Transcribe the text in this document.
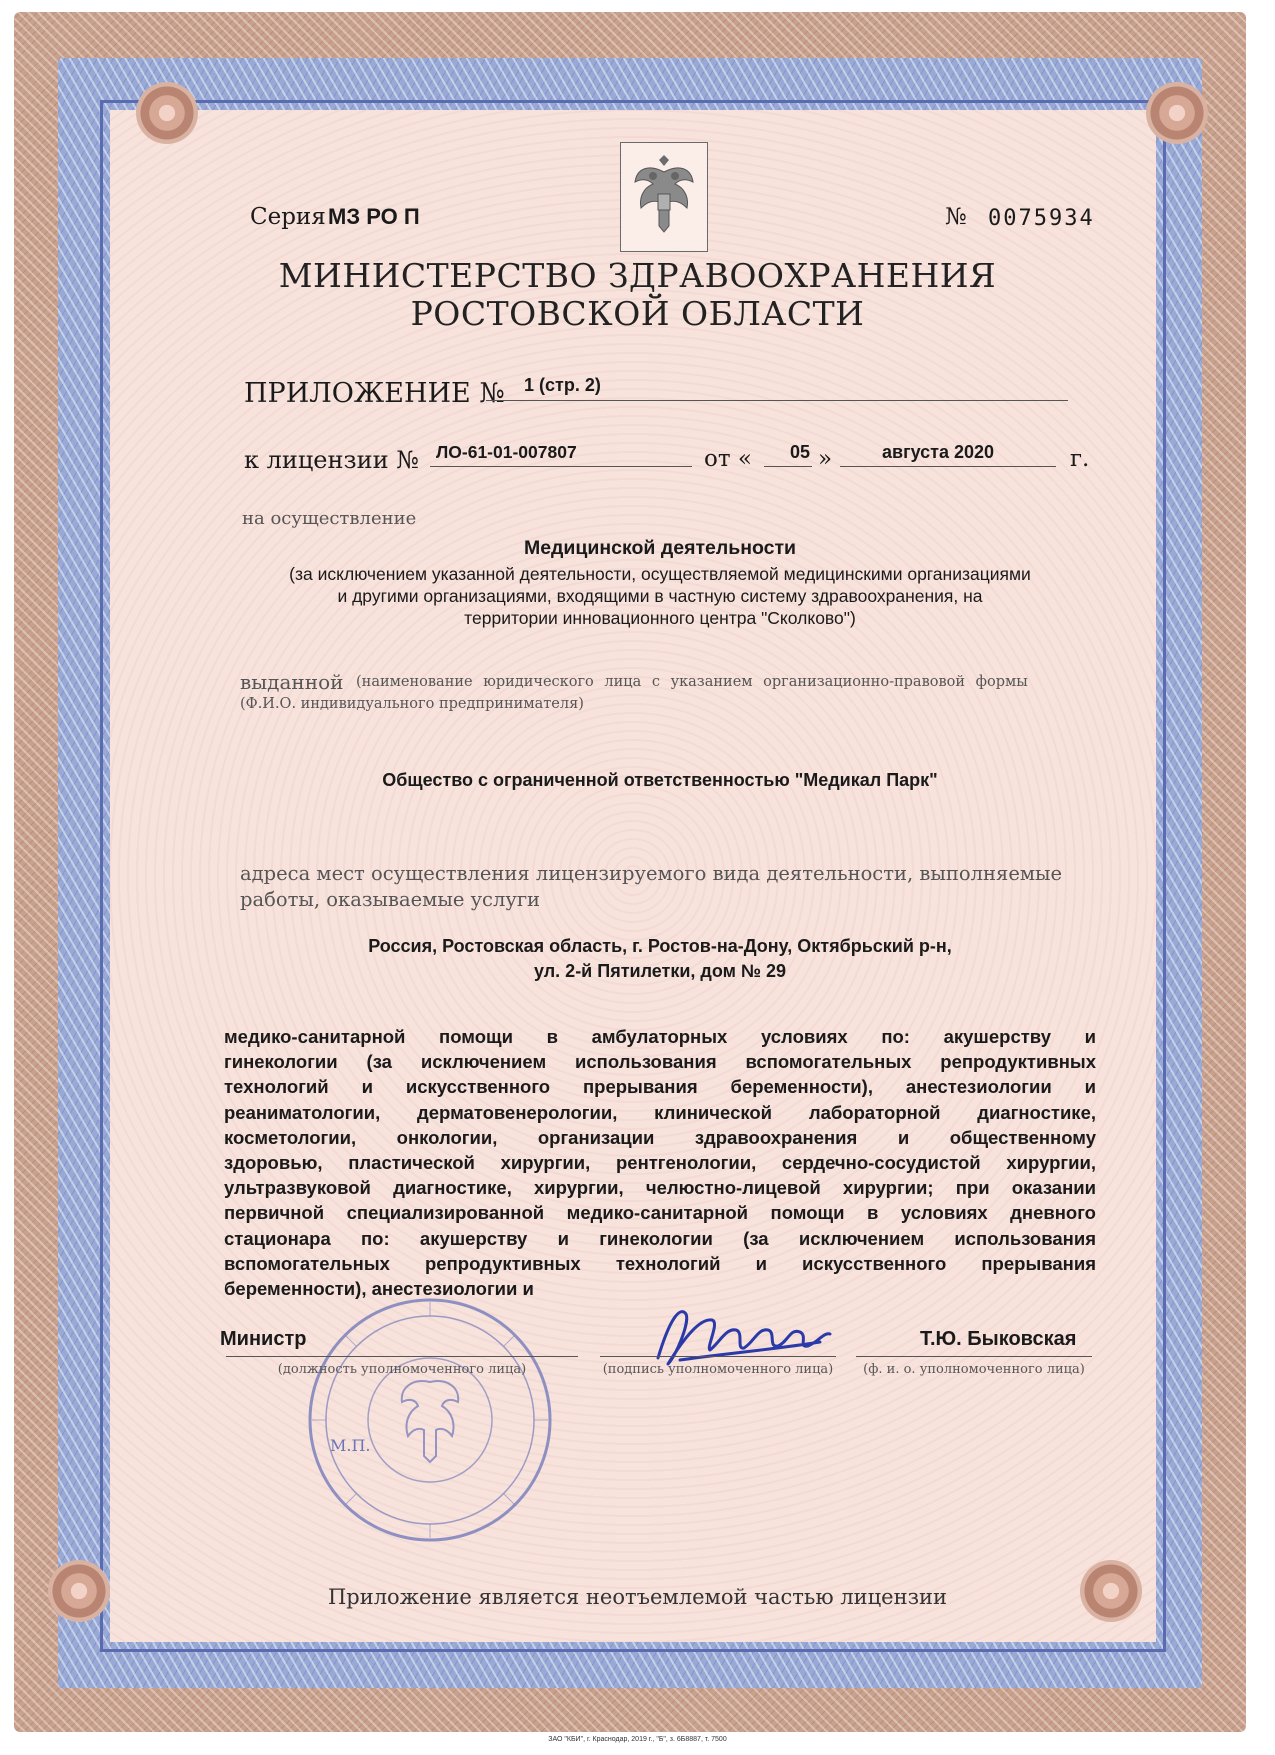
Серия МЗ РО П	№ 0075934
МИНИСТЕРСТВО ЗДРАВООХРАНЕНИЯ
РОСТОВСКОЙ ОБЛАСТИ
ПРИЛОЖЕНИЕ № 1 (стр. 2)
к лицензии № ЛО-61-01-007807	от « 05 »	августа 2020	г.
на осуществление
Медицинской деятельности
(за исключением указанной деятельности, осуществляемой медицинскими организациями
и другими организациями, входящими в частную систему здравоохранения, на
территории инновационного центра "Сколково")
выданной (наименование юридического лица с указанием организационно-правовой формы
(Ф.И.О. индивидуального предпринимателя)
Общество с ограниченной ответственностью "Медикал Парк"
адреса мест осуществления лицензируемого вида деятельности, выполняемые
работы, оказываемые услуги
Россия, Ростовская область, г. Ростов-на-Дону, Октябрьский р-н,
ул. 2-й Пятилетки, дом № 29
медико-санитарной помощи в амбулаторных условиях по: акушерству и
гинекологии (за исключением использования вспомогательных репродуктивных
технологий и искусственного прерывания беременности), анестезиологии и
реаниматологии, дерматовенерологии, клинической лабораторной диагностике,
косметологии, онкологии, организации здравоохранения и общественному
здоровью, пластической хирургии, рентгенологии, сердечно-сосудистой хирургии,
ультразвуковой диагностике, хирургии, челюстно-лицевой хирургии; при оказании
первичной специализированной медико-санитарной помощи в условиях дневного
стационара по: акушерству и гинекологии (за исключением использования
вспомогательных репродуктивных технологий и искусственного прерывания
беременности), анестезиологии и
М.П.
Министр
(должность уполномоченного лица)	(подпись уполномоченного лица)
Т.Ю. Быковская
(ф. и. о. уполномоченного лица)
Приложение является неотъемлемой частью лицензии
ЗАО "КБИ", г. Краснодар, 2019 г., "Б", з. 6Б8887, т. 7500
